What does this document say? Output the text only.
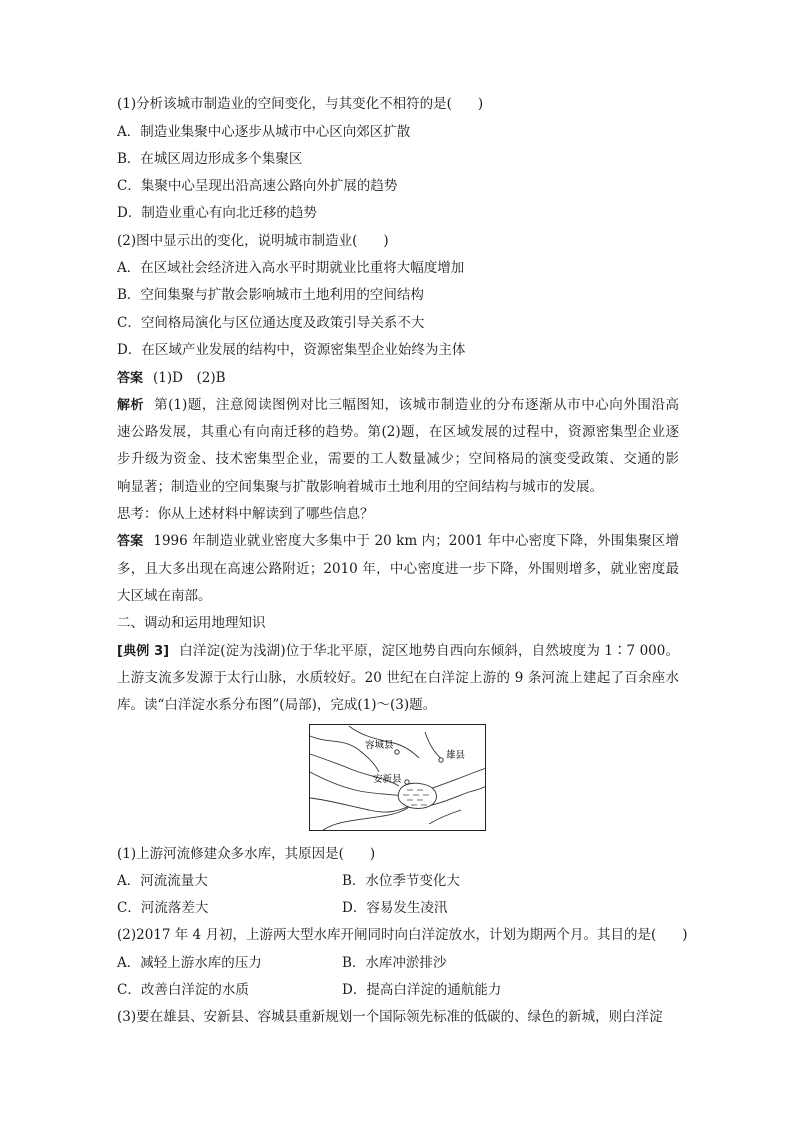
(1)分析该城市制造业的空间变化，与其变化不相符的是( )
A．制造业集聚中心逐步从城市中心区向郊区扩散
B．在城区周边形成多个集聚区
C．集聚中心呈现出沿高速公路向外扩展的趋势
D．制造业重心有向北迁移的趋势
(2)图中显示出的变化，说明城市制造业( )
A．在区域社会经济进入高水平时期就业比重将大幅度增加
B．空间集聚与扩散会影响城市土地利用的空间结构
C．空间格局演化与区位通达度及政策引导关系不大
D．在区域产业发展的结构中，资源密集型企业始终为主体
答案 (1)D　(2)B
解析 第(1)题，注意阅读图例对比三幅图知，该城市制造业的分布逐渐从市中心向外围沿高
速公路发展，其重心有向南迁移的趋势。第(2)题，在区域发展的过程中，资源密集型企业逐
步升级为资金、技术密集型企业，需要的工人数量减少；空间格局的演变受政策、交通的影
响显著；制造业的空间集聚与扩散影响着城市土地利用的空间结构与城市的发展。
思考：你从上述材料中解读到了哪些信息？
答案 1996 年制造业就业密度大多集中于 20 km 内；2001 年中心密度下降，外围集聚区增
多，且大多出现在高速公路附近；2010 年，中心密度进一步下降，外围则增多，就业密度最
大区域在南部。
二、调动和运用地理知识
[典例 3] 白洋淀(淀为浅湖)位于华北平原，淀区地势自西向东倾斜，自然坡度为 1∶7 000。
上游支流多发源于太行山脉，水质较好。20 世纪在白洋淀上游的 9 条河流上建起了百余座水
库。读“白洋淀水系分布图”(局部)，完成(1)～(3)题。
容城县
雄县
安新县
(1)上游河流修建众多水库，其原因是( )
A．河流流量大	B．水位季节变化大
C．河流落差大	D．容易发生凌汛
(2)2017 年 4 月初，上游两大型水库开闸同时向白洋淀放水，计划为期两个月。其目的是( )
A．减轻上游水库的压力	B．水库冲淤排沙
C．改善白洋淀的水质	D．提高白洋淀的通航能力
(3)要在雄县、安新县、容城县重新规划一个国际领先标准的低碳的、绿色的新城，则白洋淀
